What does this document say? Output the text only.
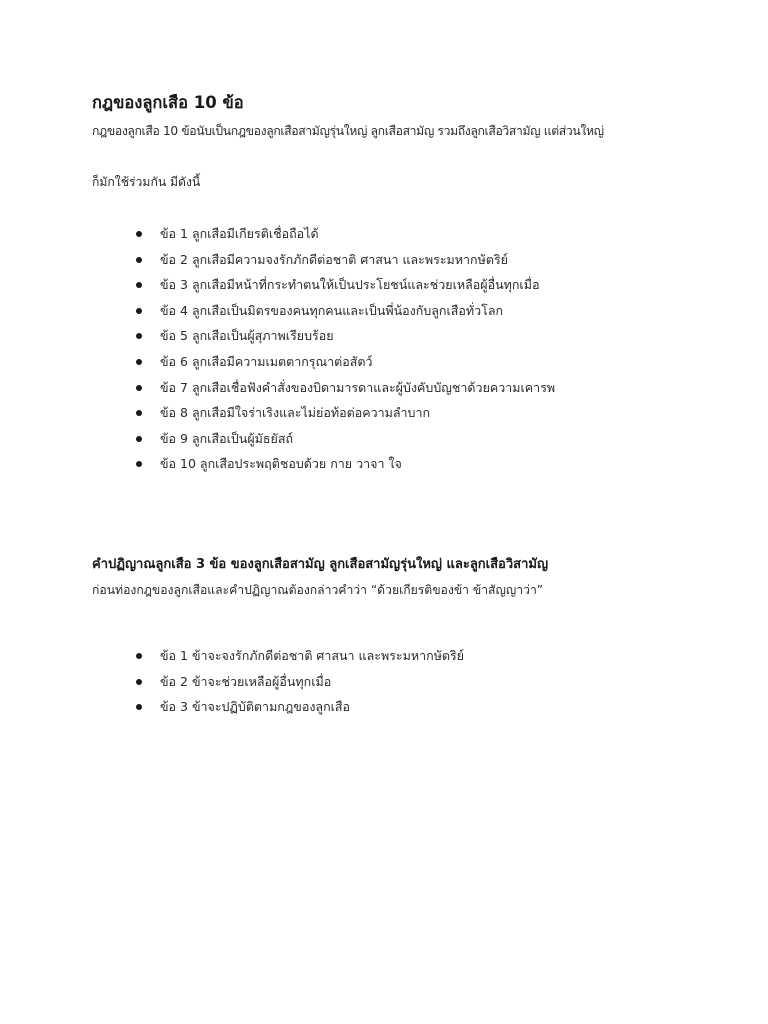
กฎของลูกเสือ 10 ข้อ
กฎของลูกเสือ 10 ข้อนับเป็นกฎของลูกเสือสามัญรุ่นใหญ่ ลูกเสือสามัญ รวมถึงลูกเสือวิสามัญ แต่ส่วนใหญ่
ก็มักใช้ร่วมกัน มีดังนี้
ข้อ 1 ลูกเสือมีเกียรติเชื่อถือได้
ข้อ 2 ลูกเสือมีความจงรักภักดีต่อชาติ ศาสนา และพระมหากษัตริย์
ข้อ 3 ลูกเสือมีหน้าที่กระทำตนให้เป็นประโยชน์และช่วยเหลือผู้อื่นทุกเมื่อ
ข้อ 4 ลูกเสือเป็นมิตรของคนทุกคนและเป็นพี่น้องกับลูกเสือทั่วโลก
ข้อ 5 ลูกเสือเป็นผู้สุภาพเรียบร้อย
ข้อ 6 ลูกเสือมีความเมตตากรุณาต่อสัตว์
ข้อ 7 ลูกเสือเชื่อฟังคำสั่งของบิดามารดาและผู้บังคับบัญชาด้วยความเคารพ
ข้อ 8 ลูกเสือมีใจร่าเริงและไม่ย่อท้อต่อความลำบาก
ข้อ 9 ลูกเสือเป็นผู้มัธยัสถ์
ข้อ 10 ลูกเสือประพฤติชอบด้วย กาย วาจา ใจ
คำปฏิญาณลูกเสือ 3 ข้อ ของลูกเสือสามัญ ลูกเสือสามัญรุ่นใหญ่ และลูกเสือวิสามัญ
ก่อนท่องกฎของลูกเสือและคำปฏิญาณต้องกล่าวคำว่า “ด้วยเกียรติของข้า ข้าสัญญาว่า”
ข้อ 1 ข้าจะจงรักภักดีต่อชาติ ศาสนา และพระมหากษัตริย์
ข้อ 2 ข้าจะช่วยเหลือผู้อื่นทุกเมื่อ
ข้อ 3 ข้าจะปฏิบัติตามกฎของลูกเสือ
